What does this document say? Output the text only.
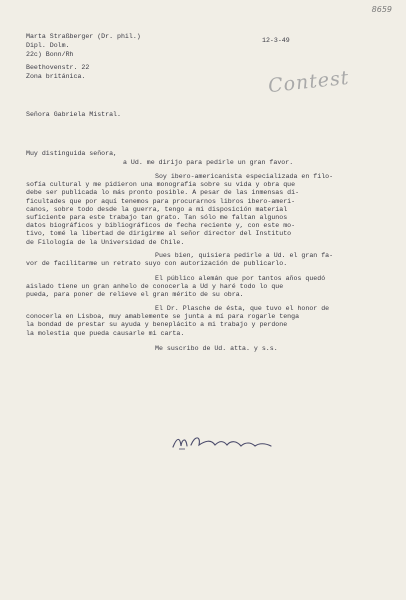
8659
Marta Straßberger (Dr. phil.)
Dipl. Dolm.
22c) Bonn/Rh
Beethovenstr. 22
Zona británica.
12-3-49
Contest
Señora Gabriela Mistral.
Muy distinguida señora,
a Ud. me dirijo para pedirle un gran favor.
Soy ibero-americanista especializada en filo-
sofía cultural y me pidieron una monografía sobre su vida y obra que
debe ser publicada lo más pronto posible. A pesar de las inmensas di-
ficultades que por aquí tenemos para procurarnos libros ibero-ameri-
canos, sobre todo desde la guerra, tengo a mi disposición material
suficiente para este trabajo tan grato. Tan sólo me faltan algunos
datos biográficos y bibliográficos de fecha reciente y, con este mo-
tivo, tomé la libertad de dirigirme al señor director del Instituto
de Filología de la Universidad de Chile.
Pues bien, quisiera pedirle a Ud. el gran fa-
vor de facilitarme un retrato suyo con autorización de publicarlo.
El público alemán que por tantos años quedó
aislado tiene un gran anhelo de conocerla a Ud y haré todo lo que
pueda, para poner de relieve el gran mérito de su obra.
El Dr. Plasche de ésta, que tuvo el honor de
conocerla en Lisboa, muy amablemente se junta a mí para rogarle tenga
la bondad de prestar su ayuda y beneplácito a mi trabajo y perdone
la molestia que pueda causarle mi carta.
Me suscribo de Ud. atta. y s.s.
